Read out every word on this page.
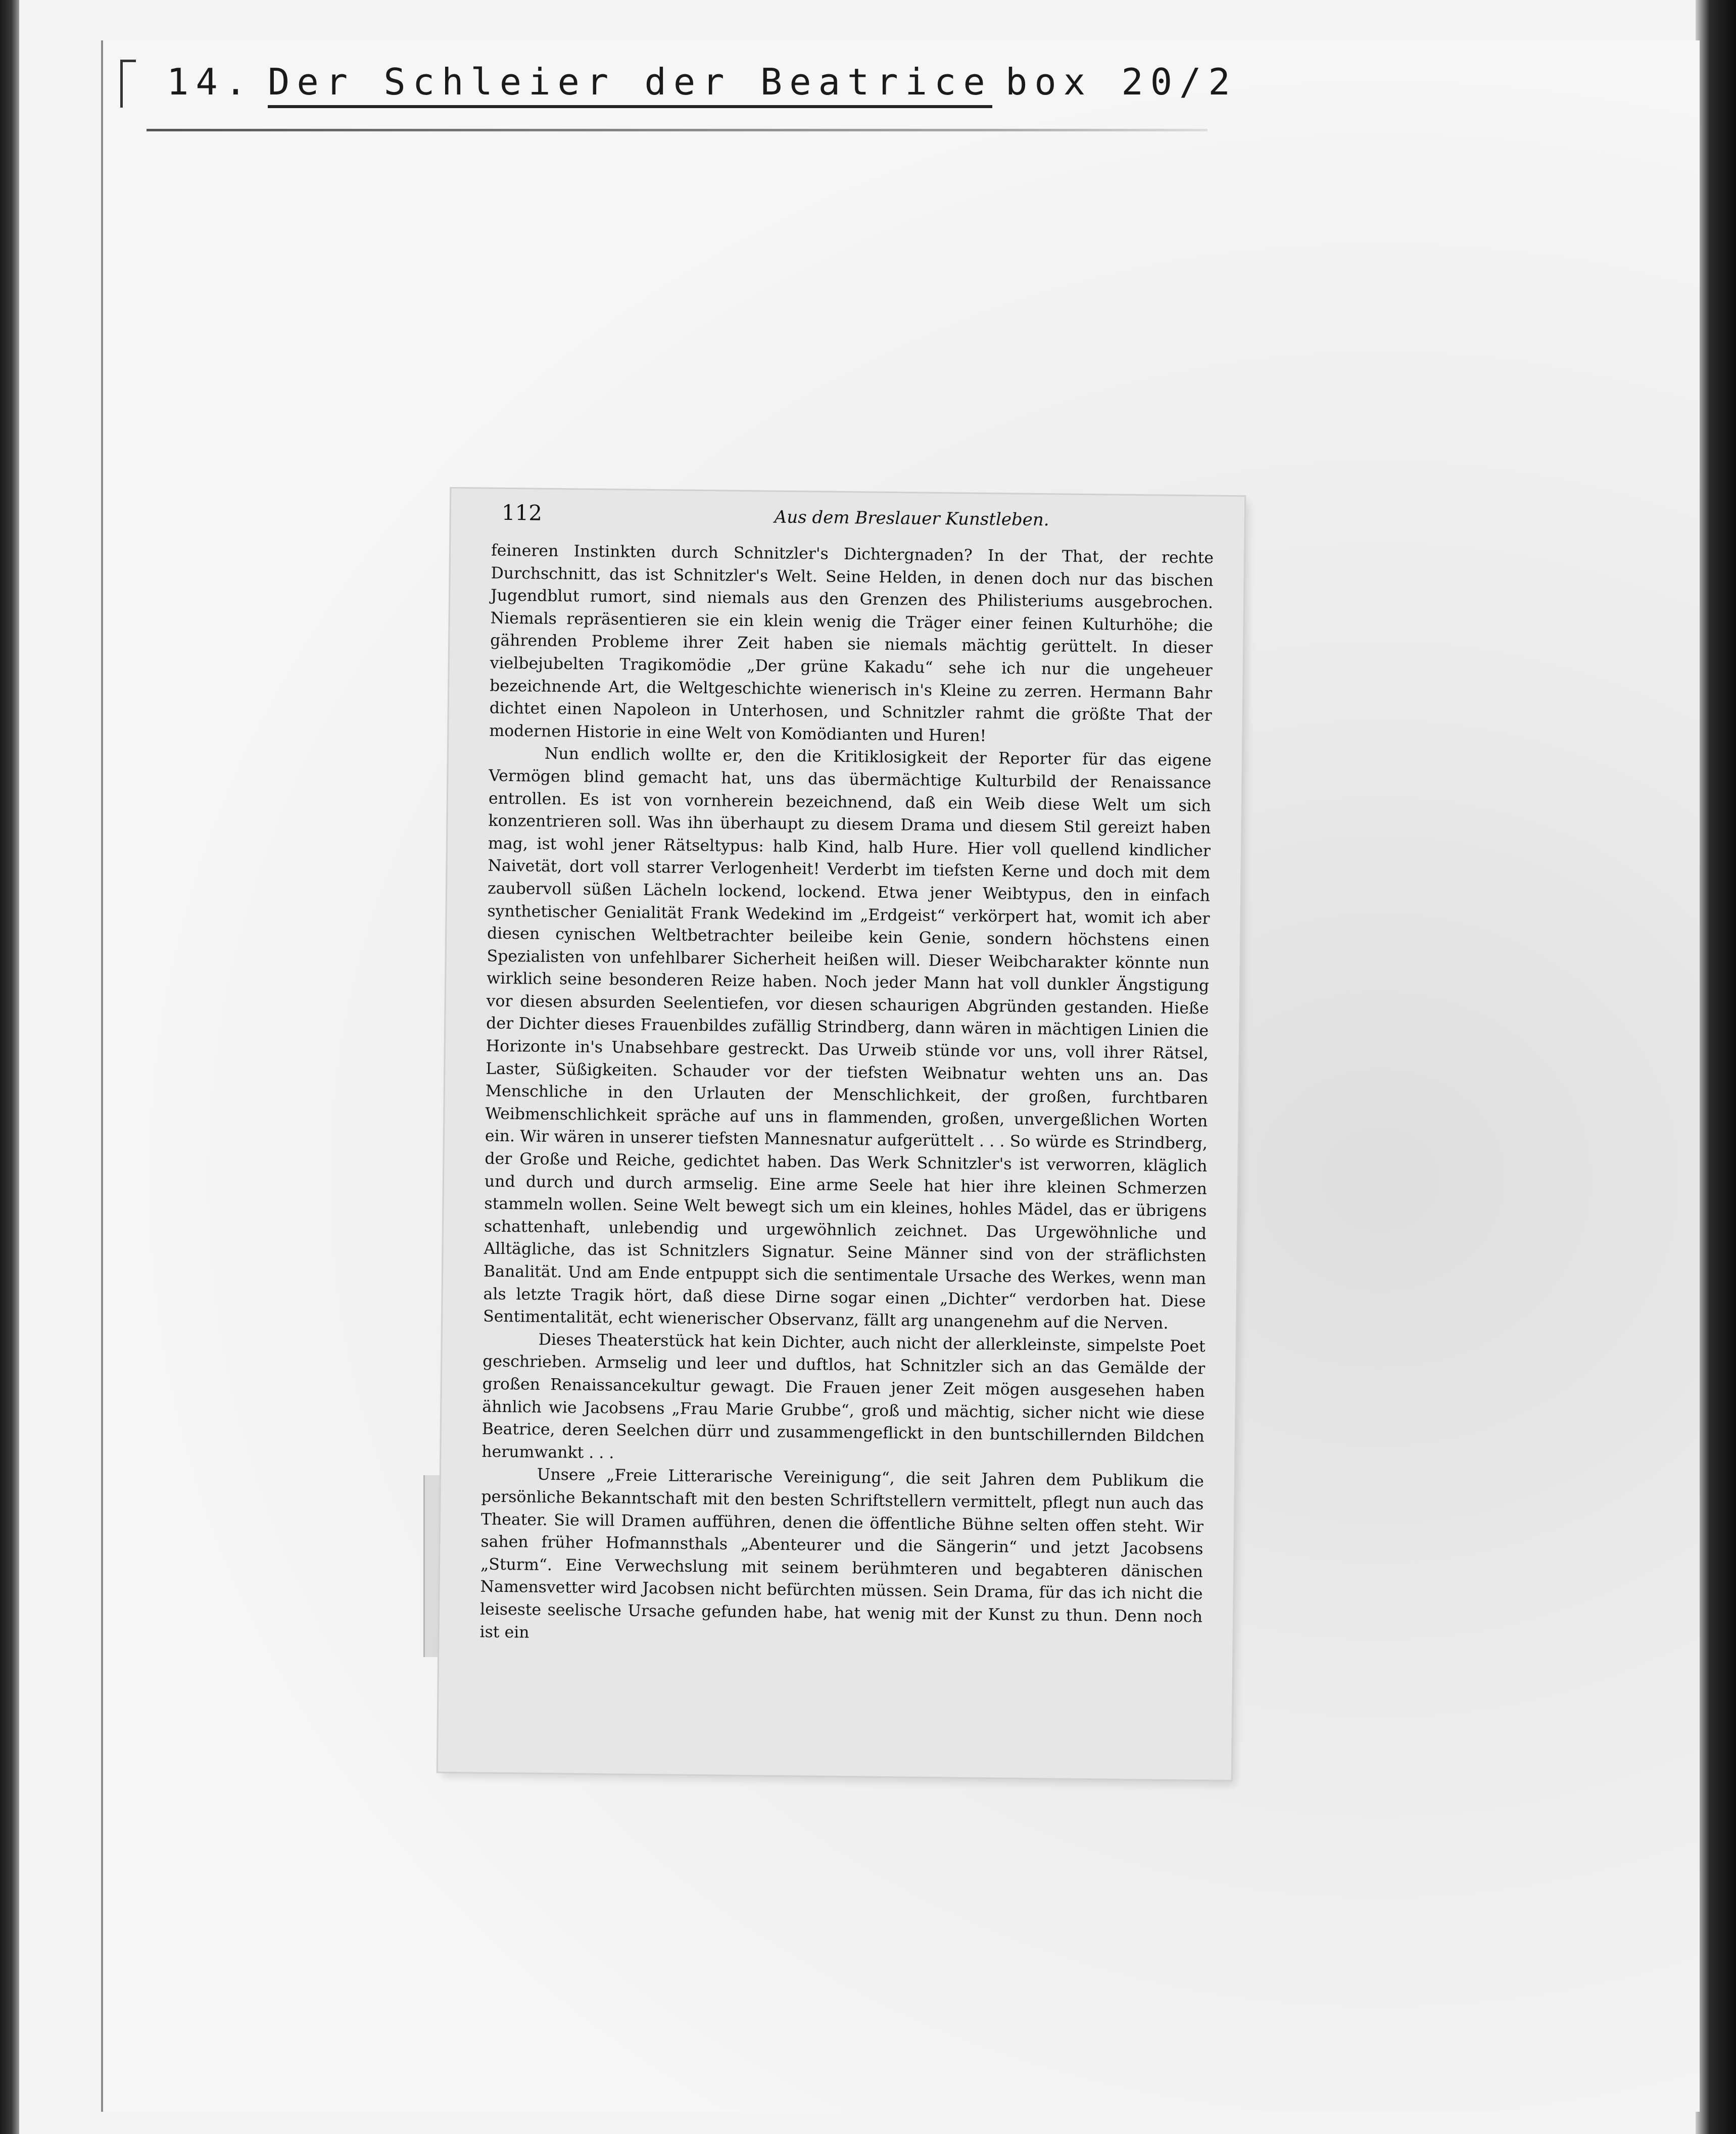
14. Der Schleier der Beatrice box 20/2
112	Aus dem Breslauer Kunstleben.

feineren Instinkten durch Schnitzler's Dichtergnaden? In der That, der rechte Durchschnitt, das ist Schnitzler's Welt. Seine Helden, in denen doch nur das bischen Jugendblut rumort, sind niemals aus den Grenzen des Philisteriums ausgebrochen. Niemals repräsentieren sie ein klein wenig die Träger einer feinen Kulturhöhe; die gährenden Probleme ihrer Zeit haben sie niemals mächtig gerüttelt. In dieser vielbejubelten Tragikomödie „Der grüne Kakadu“ sehe ich nur die ungeheuer bezeichnende Art, die Weltgeschichte wienerisch in's Kleine zu zerren. Hermann Bahr dichtet einen Napoleon in Unterhosen, und Schnitzler rahmt die größte That der modernen Historie in eine Welt von Komödianten und Huren!

Nun endlich wollte er, den die Kritiklosigkeit der Reporter für das eigene Vermögen blind gemacht hat, uns das übermächtige Kulturbild der Renaissance entrollen. Es ist von vornherein bezeichnend, daß ein Weib diese Welt um sich konzentrieren soll. Was ihn überhaupt zu diesem Drama und diesem Stil gereizt haben mag, ist wohl jener Rätseltypus: halb Kind, halb Hure. Hier voll quellend kindlicher Naivetät, dort voll starrer Verlogenheit! Verderbt im tiefsten Kerne und doch mit dem zaubervoll süßen Lächeln lockend, lockend. Etwa jener Weibtypus, den in einfach synthetischer Genialität Frank Wedekind im „Erdgeist“ verkörpert hat, womit ich aber diesen cynischen Weltbetrachter beileibe kein Genie, sondern höchstens einen Spezialisten von unfehlbarer Sicherheit heißen will. Dieser Weibcharakter könnte nun wirklich seine besonderen Reize haben. Noch jeder Mann hat voll dunkler Ängstigung vor diesen absurden Seelentiefen, vor diesen schaurigen Abgründen gestanden. Hieße der Dichter dieses Frauenbildes zufällig Strindberg, dann wären in mächtigen Linien die Horizonte in's Unabsehbare gestreckt. Das Urweib stünde vor uns, voll ihrer Rätsel, Laster, Süßigkeiten. Schauder vor der tiefsten Weibnatur wehten uns an. Das Menschliche in den Urlauten der Menschlichkeit, der großen, furchtbaren Weibmenschlichkeit spräche auf uns in flammenden, großen, unvergeßlichen Worten ein. Wir wären in unserer tiefsten Mannesnatur aufgerüttelt . . . So würde es Strindberg, der Große und Reiche, gedichtet haben. Das Werk Schnitzler's ist verworren, kläglich und durch und durch armselig. Eine arme Seele hat hier ihre kleinen Schmerzen stammeln wollen. Seine Welt bewegt sich um ein kleines, hohles Mädel, das er übrigens schattenhaft, unlebendig und urgewöhnlich zeichnet. Das Urgewöhnliche und Alltägliche, das ist Schnitzlers Signatur. Seine Männer sind von der sträflichsten Banalität. Und am Ende entpuppt sich die sentimentale Ursache des Werkes, wenn man als letzte Tragik hört, daß diese Dirne sogar einen „Dichter“ verdorben hat. Diese Sentimentalität, echt wienerischer Observanz, fällt arg unangenehm auf die Nerven.

Dieses Theaterstück hat kein Dichter, auch nicht der allerkleinste, simpelste Poet geschrieben. Armselig und leer und duftlos, hat Schnitzler sich an das Gemälde der großen Renaissancekultur gewagt. Die Frauen jener Zeit mögen ausgesehen haben ähnlich wie Jacobsens „Frau Marie Grubbe“, groß und mächtig, sicher nicht wie diese Beatrice, deren Seelchen dürr und zusammengeflickt in den buntschillernden Bildchen herumwankt . . .

Unsere „Freie Litterarische Vereinigung“, die seit Jahren dem Publikum die persönliche Bekanntschaft mit den besten Schriftstellern vermittelt, pflegt nun auch das Theater. Sie will Dramen aufführen, denen die öffentliche Bühne selten offen steht. Wir sahen früher Hofmannsthals „Abenteurer und die Sängerin“ und jetzt Jacobsens „Sturm“. Eine Verwechslung mit seinem berühmteren und begabteren dänischen Namensvetter wird Jacobsen nicht befürchten müssen. Sein Drama, für das ich nicht die leiseste seelische Ursache gefunden habe, hat wenig mit der Kunst zu thun. Denn noch ist ein
